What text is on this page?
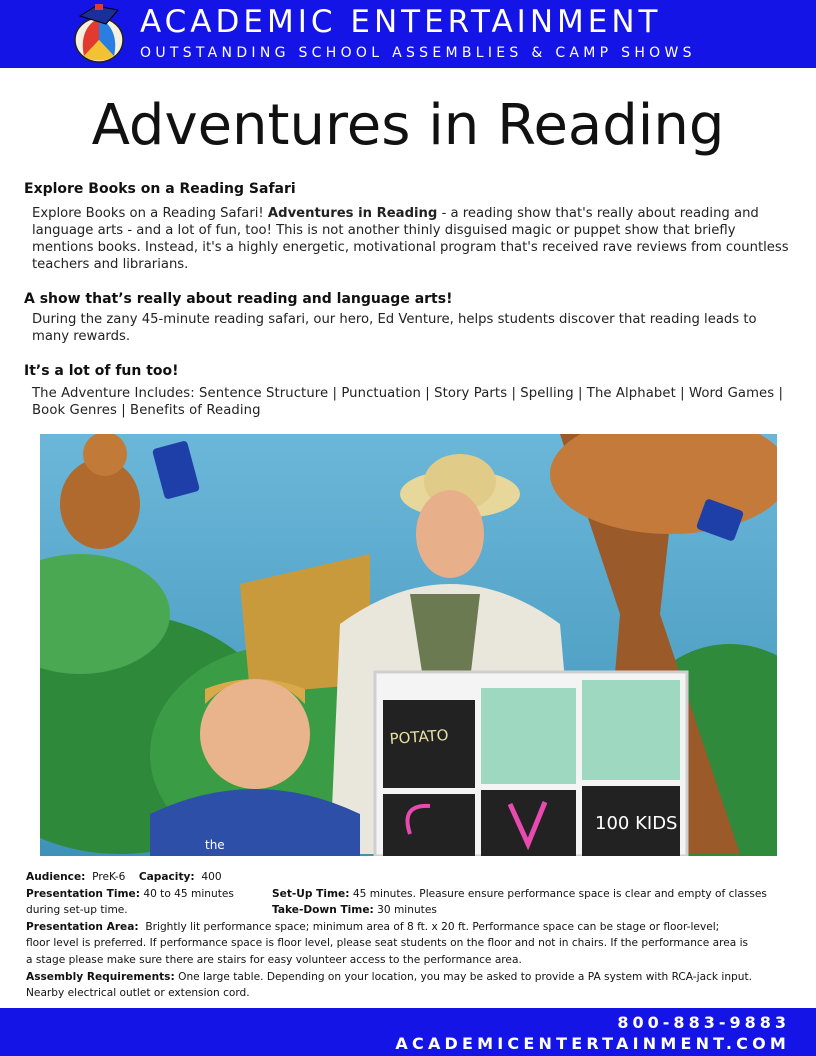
ACADEMIC ENTERTAINMENT
OUTSTANDING SCHOOL ASSEMBLIES & CAMP SHOWS
Adventures in Reading
Explore Books on a Reading Safari
Explore Books on a Reading Safari! Adventures in Reading - a reading show that's really about reading and language arts - and a lot of fun, too! This is not another thinly disguised magic or puppet show that briefly mentions books. Instead, it's a highly energetic, motivational program that's received rave reviews from countless teachers and librarians.
A show that’s really about reading and language arts!
During the zany 45-minute reading safari, our hero, Ed Venture, helps students discover that reading leads to many rewards.
It’s a lot of fun too!
The Adventure Includes: Sentence Structure | Punctuation | Story Parts | Spelling | The Alphabet | Word Games | Book Genres | Benefits of Reading
the
POTATO
100 KIDS
Audience: PreK-6 Capacity: 400
Presentation Time: 40 to 45 minutes	Set-Up Time: 45 minutes. Pleasure ensure performance space is clear and empty of classes
during set-up time.	Take-Down Time: 30 minutes
Presentation Area: Brightly lit performance space; minimum area of 8 ft. x 20 ft. Performance space can be stage or floor-level;
floor level is preferred. If performance space is floor level, please seat students on the floor and not in chairs. If the performance area is
a stage please make sure there are stairs for easy volunteer access to the performance area.
Assembly Requirements: One large table. Depending on your location, you may be asked to provide a PA system with RCA-jack input.
Nearby electrical outlet or extension cord.
800-883-9883
ACADEMICENTERTAINMENT.COM
